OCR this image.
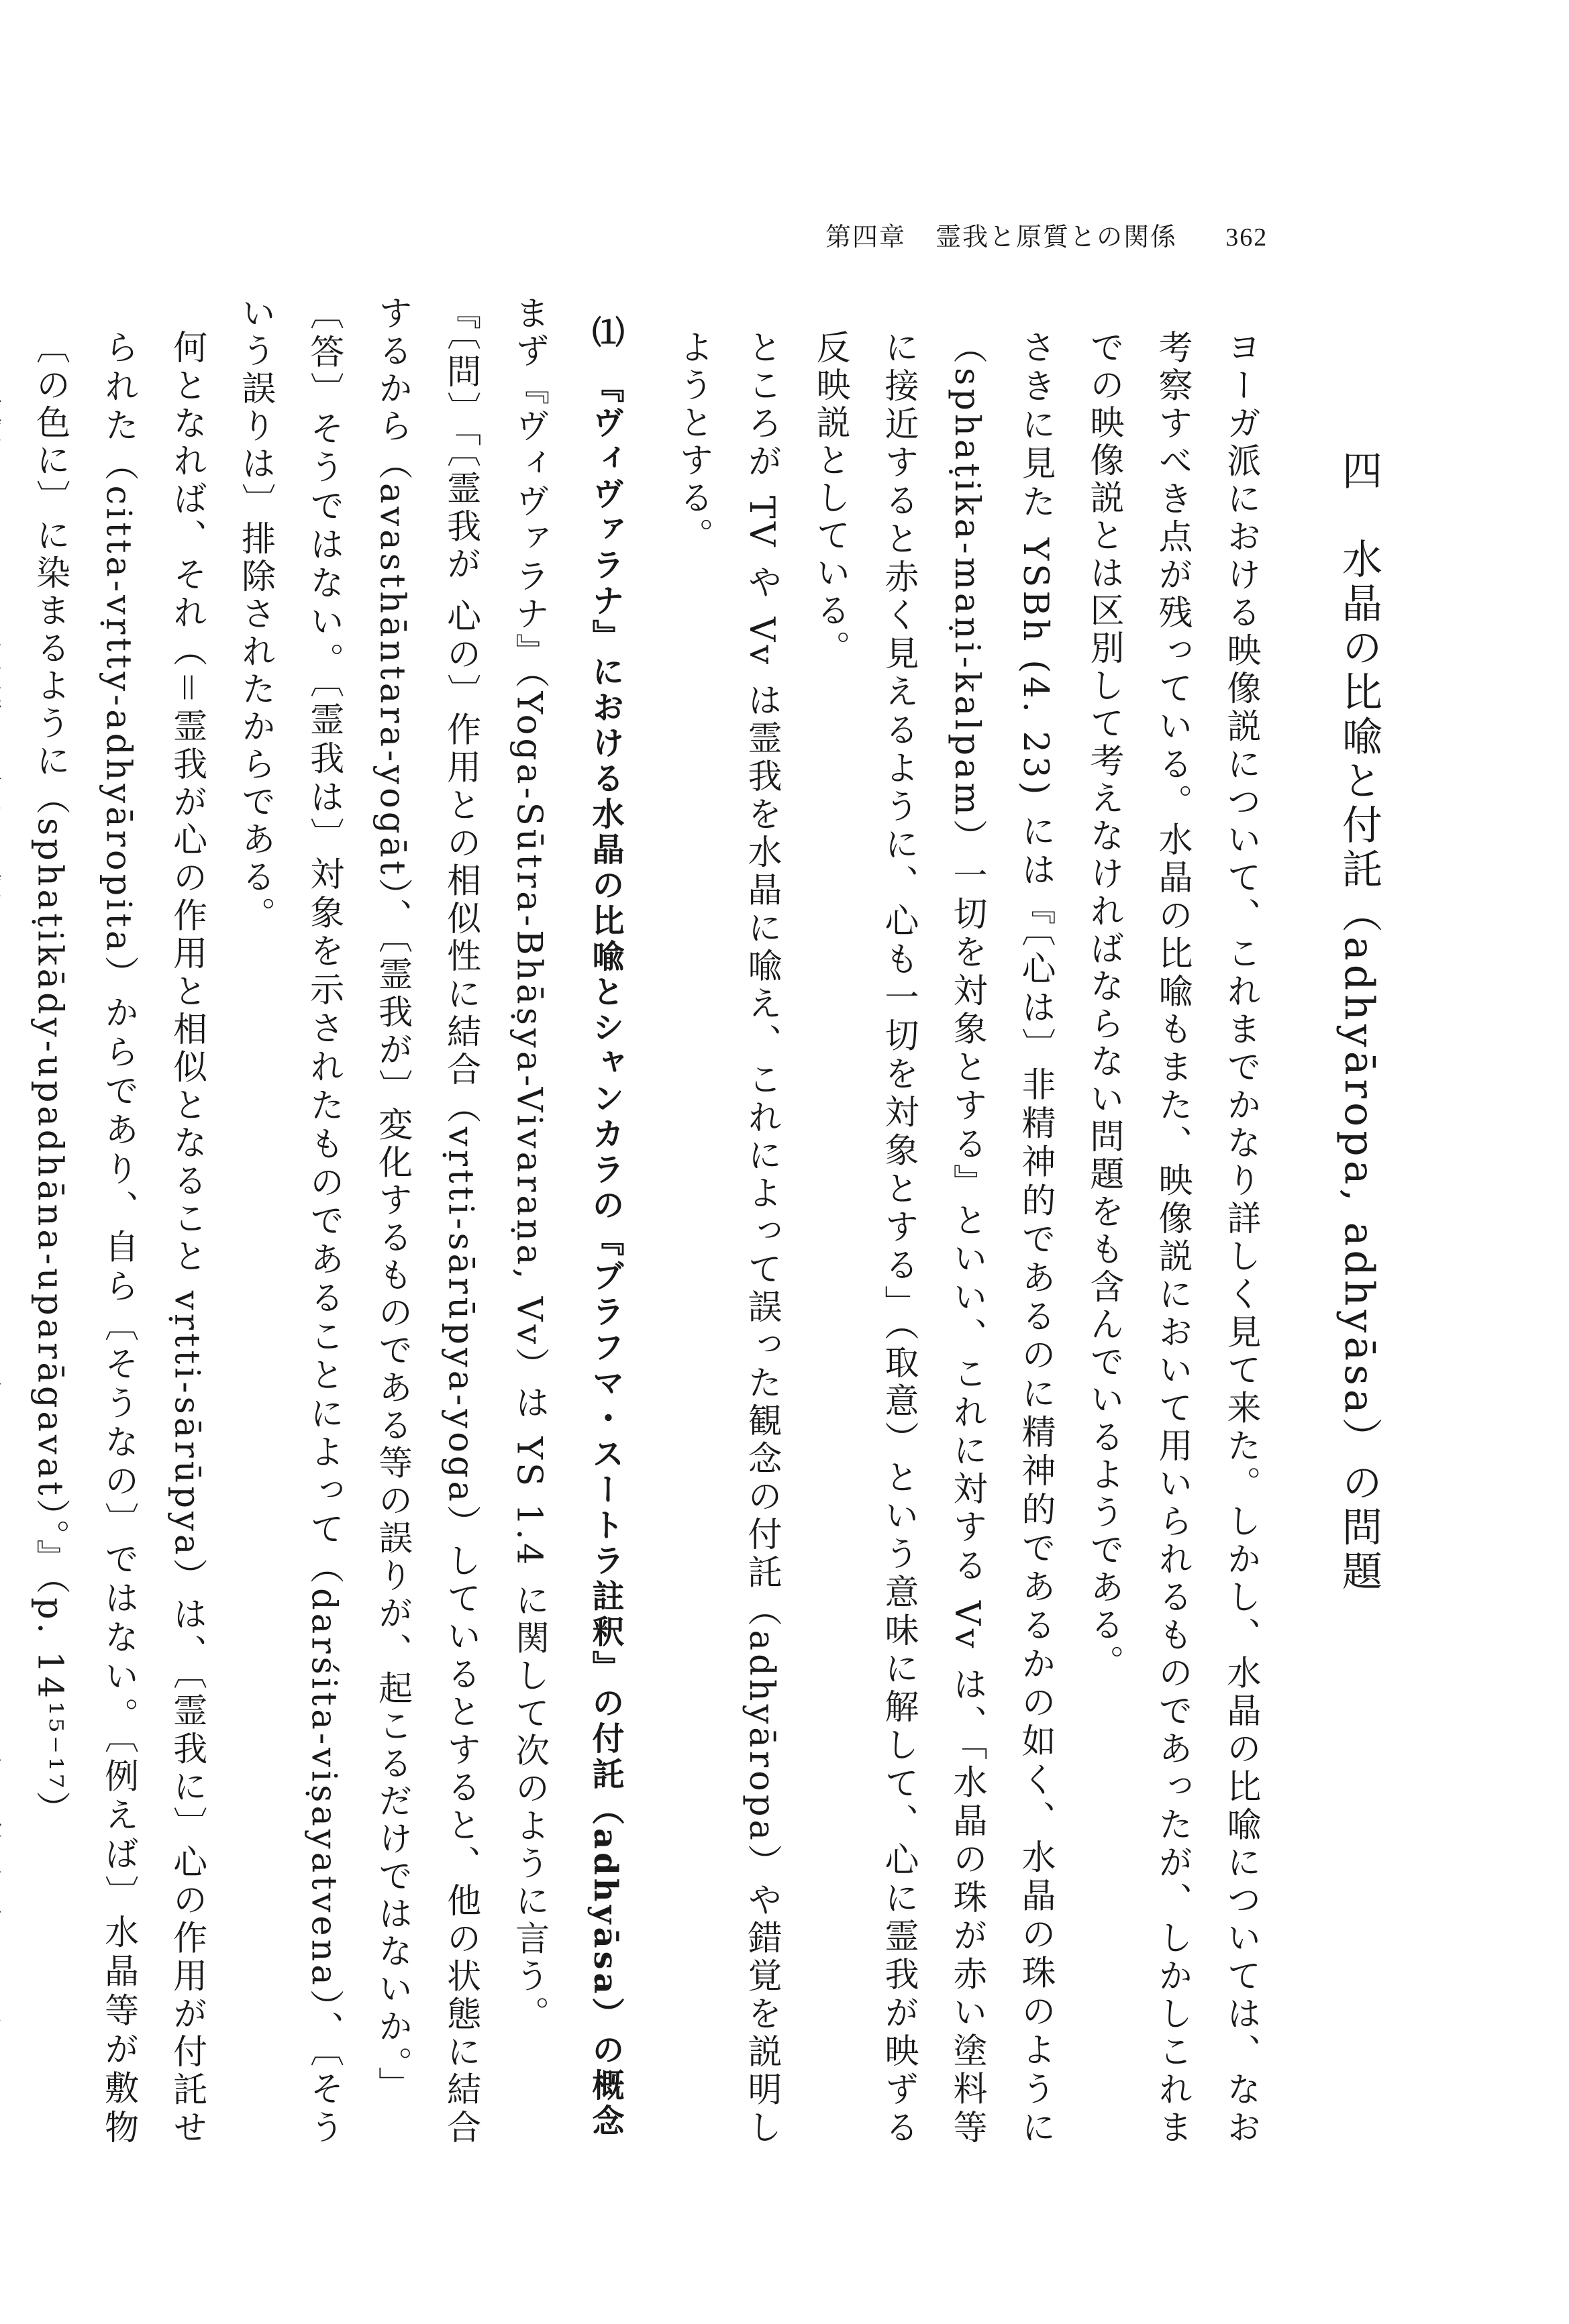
第四章 霊我と原質との関係 362
四　水晶の比喩と付託（adhyāropa, adhyāsa）の問題

ヨーガ派における映像説について、これまでかなり詳しく見て来た。しかし、水晶の比喩については、なお考察すべき点が残っている。水晶の比喩もまた、映像説において用いられるものであったが、しかしこれまでの映像説とは区別して考えなければならない問題をも含んでいるようである。

さきに見た YSBh (4. 23) には『〔心は〕非精神的であるのに精神的であるかの如く、水晶の珠のように（sphaṭika-maṇi-kalpam）一切を対象とする』といい、これに対する Vv は、「水晶の珠が赤い塗料等に接近すると赤く見えるように、心も一切を対象とする」（取意）という意味に解して、心に霊我が映ずる反映説としている。

ところが TV や Vv は霊我を水晶に喩え、これによって誤った観念の付託（adhyāropa）や錯覚を説明しようとする。

⑴　『ヴィヴァラナ』における水晶の比喩とシャンカラの『ブラフマ・スートラ註釈』の付託（adhyāsa）の概念

まず『ヴィヴァラナ』（Yoga-Sūtra-Bhāṣya-Vivaraṇa, Vv）は YS 1.4 に関して次のように言う。

『〔問〕「〔霊我が 心の〕作用との相似性に結合（vṛtti-sārūpya-yoga）しているとすると、他の状態に結合するから（avasthāntara-yogāt）、〔霊我が〕変化するものである等の誤りが、起こるだけではないか。」

〔答〕そうではない。〔霊我は〕対象を示されたものであることによって（darśita-viṣayatvena）、〔そういう誤りは〕排除されたからである。

何となれば、それ（＝霊我が心の作用と相似となること vṛtti-sārūpya）は、〔霊我に〕心の作用が付託せられた（citta-vṛtty-adhyāropita）からであり、自ら〔そうなの〕ではない。〔例えば〕水晶等が敷物〔の色に〕に染まるように（sphaṭikādy-upadhāna-uparāgavat）。』（p. 14¹⁵⁻¹⁷）
